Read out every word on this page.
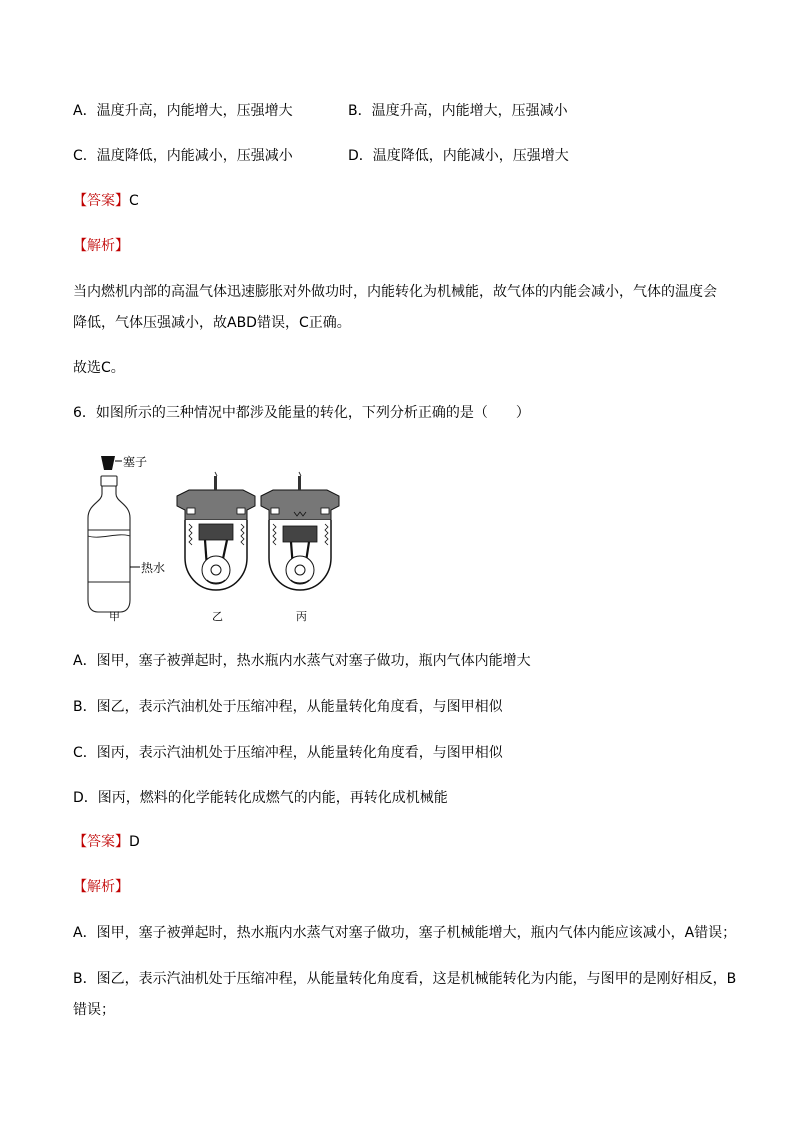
A．温度升高，内能增大，压强增大	B．温度升高，内能增大，压强减小
C．温度降低，内能减小，压强减小	D．温度降低，内能减小，压强增大
【答案】C
【解析】
当内燃机内部的高温气体迅速膨胀对外做功时，内能转化为机械能，故气体的内能会减小，气体的温度会
降低，气体压强减小，故ABD错误，C正确。
故选C。
6．如图所示的三种情况中都涉及能量的转化，下列分析正确的是（　　）
塞子
热水
甲	乙	丙
A．图甲，塞子被弹起时，热水瓶内水蒸气对塞子做功，瓶内气体内能增大
B．图乙，表示汽油机处于压缩冲程，从能量转化角度看，与图甲相似
C．图丙，表示汽油机处于压缩冲程，从能量转化角度看，与图甲相似
D．图丙，燃料的化学能转化成燃气的内能，再转化成机械能
【答案】D
【解析】
A．图甲，塞子被弹起时，热水瓶内水蒸气对塞子做功，塞子机械能增大，瓶内气体内能应该减小，A错误；
B．图乙，表示汽油机处于压缩冲程，从能量转化角度看，这是机械能转化为内能，与图甲的是刚好相反，B
错误；
